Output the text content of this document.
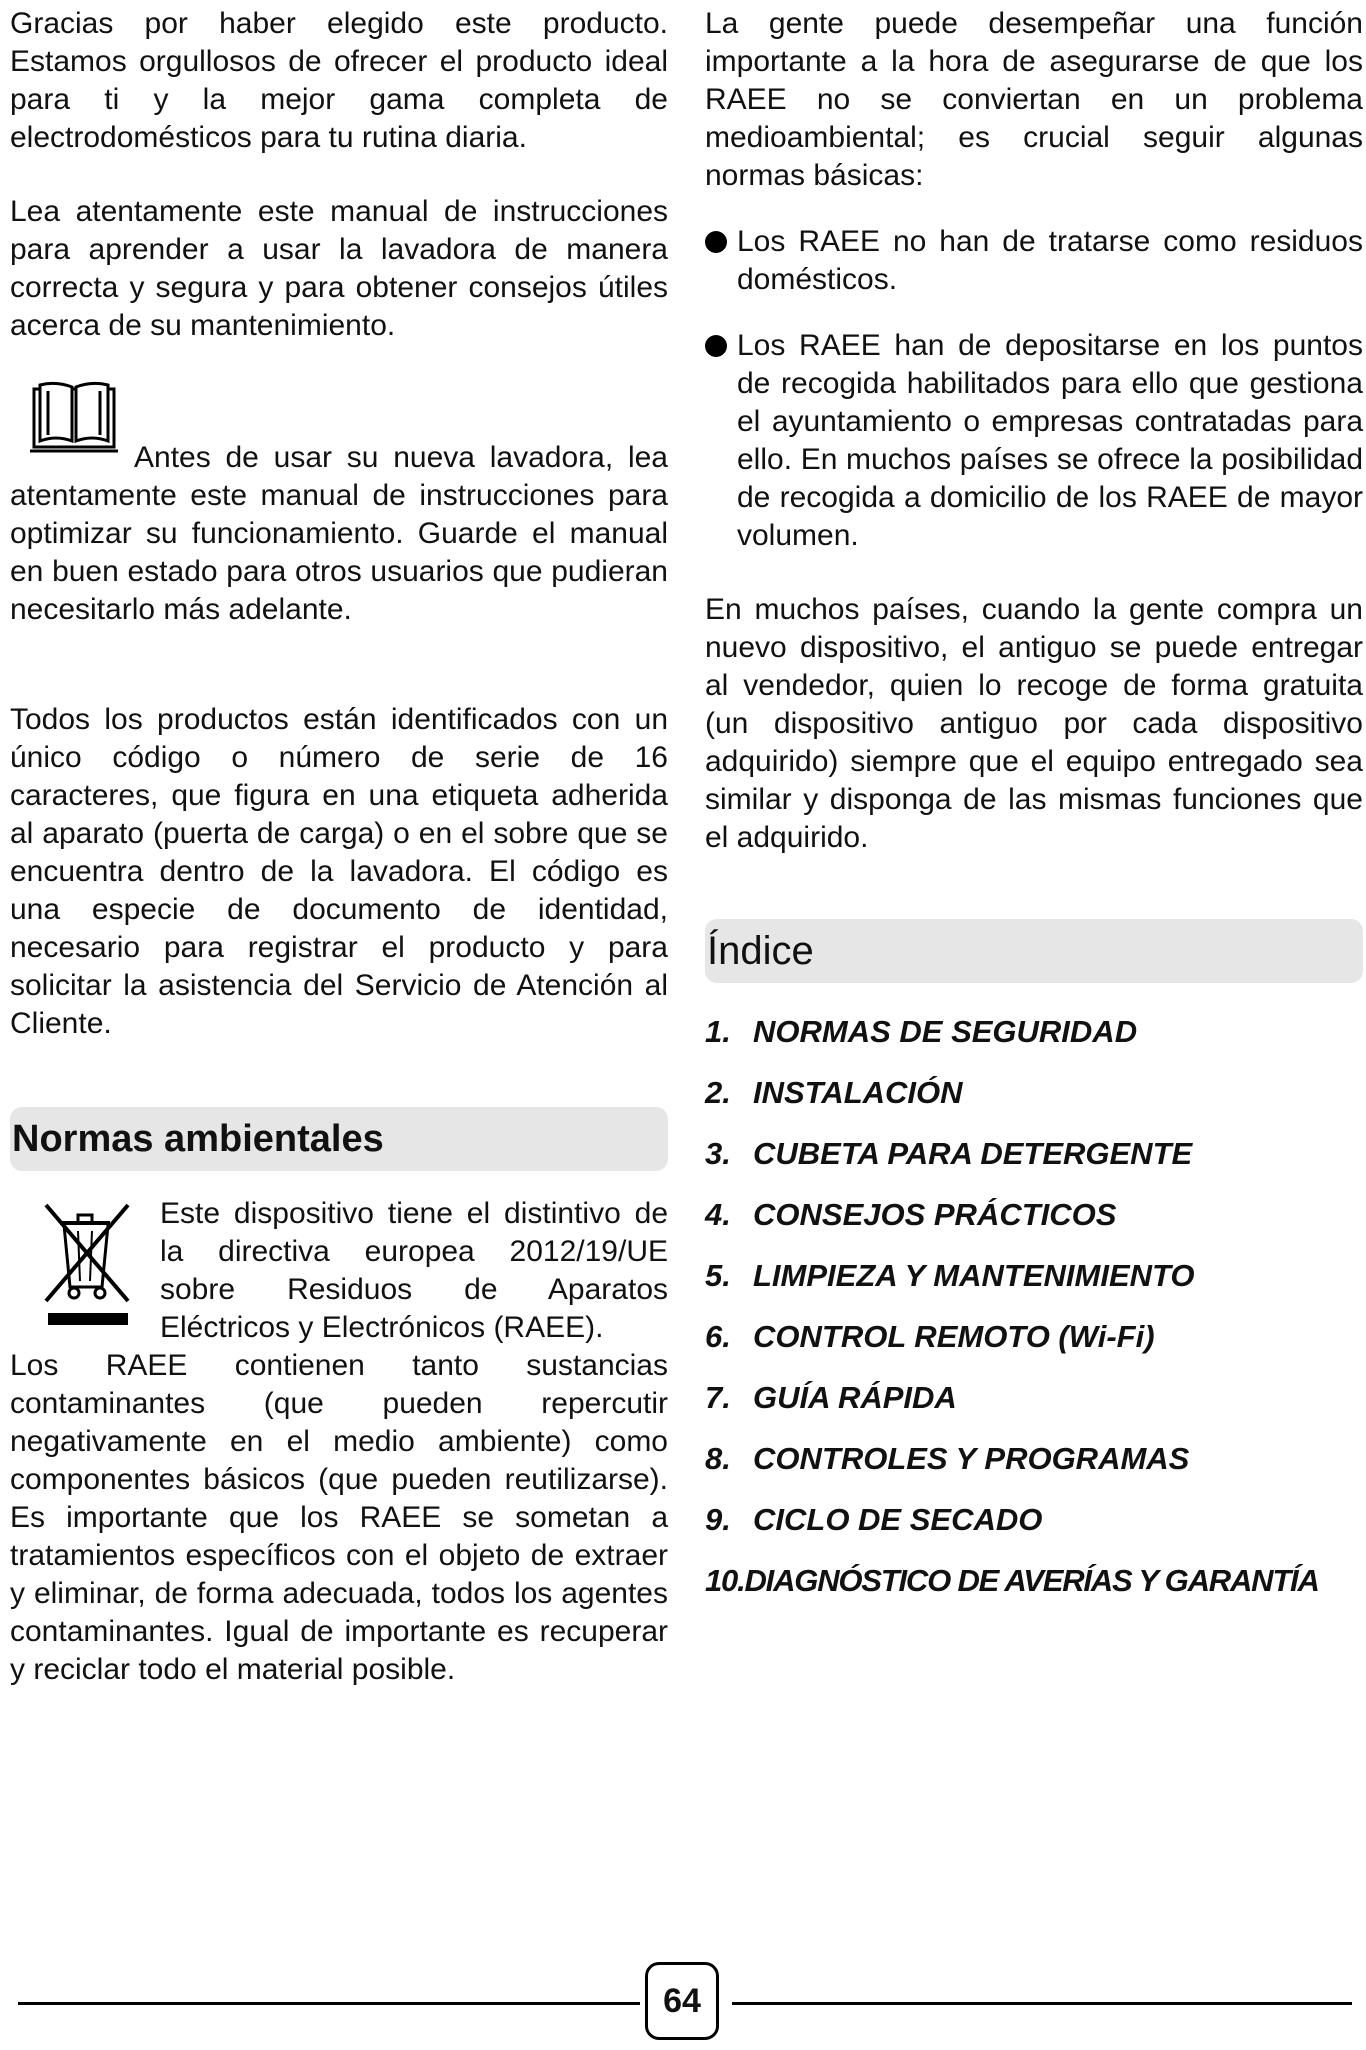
Gracias por haber elegido este producto. Estamos orgullosos de ofrecer el producto ideal para ti y la mejor gama completa de electrodomésticos para tu rutina diaria.

Lea atentamente este manual de instrucciones para aprender a usar la lavadora de manera correcta y segura y para obtener consejos útiles acerca de su mantenimiento.

Antes de usar su nueva lavadora, lea atentamente este manual de instrucciones para optimizar su funcionamiento. Guarde el manual en buen estado para otros usuarios que pudieran necesitarlo más adelante.

Todos los productos están identificados con un único código o número de serie de 16 caracteres, que figura en una etiqueta adherida al aparato (puerta de carga) o en el sobre que se encuentra dentro de la lavadora. El código es una especie de documento de identidad, necesario para registrar el producto y para solicitar la asistencia del Servicio de Atención al Cliente.

Normas ambientales

Este dispositivo tiene el distintivo de la directiva europea 2012/19/UE sobre Residuos de Aparatos Eléctricos y Electrónicos (RAEE).

Los RAEE contienen tanto sustancias contaminantes (que pueden repercutir negativamente en el medio ambiente) como componentes básicos (que pueden reutilizarse). Es importante que los RAEE se sometan a tratamientos específicos con el objeto de extraer y eliminar, de forma adecuada, todos los agentes contaminantes. Igual de importante es recuperar y reciclar todo el material posible.

La gente puede desempeñar una función importante a la hora de asegurarse de que los RAEE no se conviertan en un problema medioambiental; es crucial seguir algunas normas básicas:

Los RAEE no han de tratarse como residuos domésticos.

Los RAEE han de depositarse en los puntos de recogida habilitados para ello que gestiona el ayuntamiento o empresas contratadas para ello. En muchos países se ofrece la posibilidad de recogida a domicilio de los RAEE de mayor volumen.

En muchos países, cuando la gente compra un nuevo dispositivo, el antiguo se puede entregar al vendedor, quien lo recoge de forma gratuita (un dispositivo antiguo por cada dispositivo adquirido) siempre que el equipo entregado sea similar y disponga de las mismas funciones que el adquirido.

Índice
1. NORMAS DE SEGURIDAD
2. INSTALACIÓN
3. CUBETA PARA DETERGENTE
4. CONSEJOS PRÁCTICOS
5. LIMPIEZA Y MANTENIMIENTO
6. CONTROL REMOTO (Wi-Fi)
7. GUÍA RÁPIDA
8. CONTROLES Y PROGRAMAS
9. CICLO DE SECADO
10. DIAGNÓSTICO DE AVERÍAS Y GARANTÍA
64
